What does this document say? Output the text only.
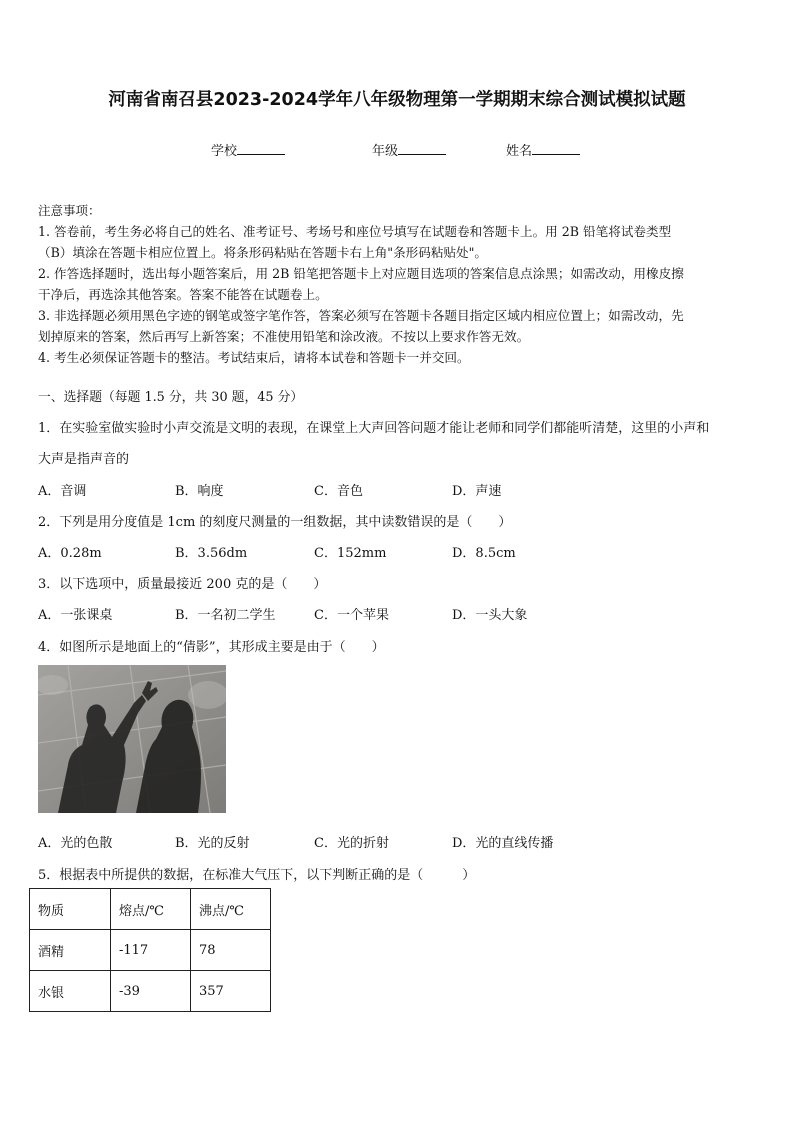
河南省南召县2023-2024学年八年级物理第一学期期末综合测试模拟试题
学校	年级	姓名
注意事项：
1. 答卷前，考生务必将自己的姓名、准考证号、考场号和座位号填写在试题卷和答题卡上。用 2B 铅笔将试卷类型
（B）填涂在答题卡相应位置上。将条形码粘贴在答题卡右上角"条形码粘贴处"。
2. 作答选择题时，选出每小题答案后，用 2B 铅笔把答题卡上对应题目选项的答案信息点涂黑；如需改动，用橡皮擦
干净后，再选涂其他答案。答案不能答在试题卷上。
3. 非选择题必须用黑色字迹的钢笔或签字笔作答，答案必须写在答题卡各题目指定区域内相应位置上；如需改动，先
划掉原来的答案，然后再写上新答案；不准使用铅笔和涂改液。不按以上要求作答无效。
4. 考生必须保证答题卡的整洁。考试结束后，请将本试卷和答题卡一并交回。
一、选择题（每题 1.5 分，共 30 题，45 分）
1．在实验室做实验时小声交流是文明的表现，在课堂上大声回答问题才能让老师和同学们都能听清楚，这里的小声和
大声是指声音的
A．音调	B．响度	C．音色	D．声速
2．下列是用分度值是 1cm 的刻度尺测量的一组数据，其中读数错误的是（　　）
A．0.28m	B．3.56dm	C．152mm	D．8.5cm
3．以下选项中，质量最接近 200 克的是（　　）
A．一张课桌	B．一名初二学生	C．一个苹果	D．一头大象
4．如图所示是地面上的“倩影”，其形成主要是由于（　　）
A．光的色散	B．光的反射	C．光的折射	D．光的直线传播
5．根据表中所提供的数据，在标准大气压下，以下判断正确的是（　　　）
物质	熔点/℃	沸点/℃
酒精	-117	78
水银	-39	357
